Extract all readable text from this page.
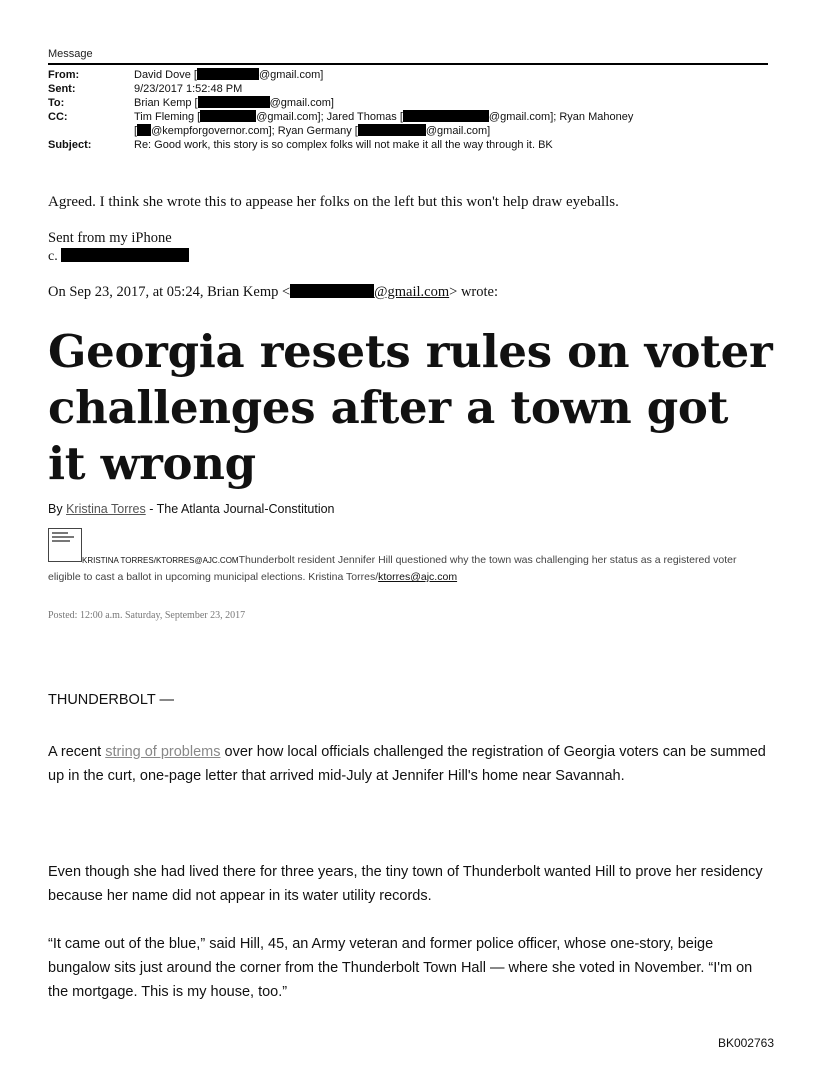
Message
From:	David Dove [	@gmail.com]
Sent:	9/23/2017 1:52:48 PM
To:	Brian Kemp [	@gmail.com]
CC:	Tim Fleming [	@gmail.com]; Jared Thomas [	@gmail.com]; Ryan Mahoney
[ @kempforgovernor.com]; Ryan Germany [	@gmail.com]
Subject:	Re: Good work, this story is so complex folks will not make it all the way through it. BK
Agreed. I think she wrote this to appease her folks on the left but this won't help draw eyeballs.
Sent from my iPhone
c.
On Sep 23, 2017, at 05:24, Brian Kemp <	@gmail.com> wrote:
Georgia resets rules on voter challenges after a town got it wrong
By Kristina Torres - The Atlanta Journal-Constitution
KRISTINA TORRES/KTORRES@AJC.COMThunderbolt resident Jennifer Hill questioned why the town was challenging her status as a registered voter eligible to cast a ballot in upcoming municipal elections. Kristina Torres/ktorres@ajc.com
Posted: 12:00 a.m. Saturday, September 23, 2017

THUNDERBOLT —

A recent string of problems over how local officials challenged the registration of Georgia voters can be summed up in the curt, one-page letter that arrived mid-July at Jennifer Hill's home near Savannah.

Even though she had lived there for three years, the tiny town of Thunderbolt wanted Hill to prove her residency because her name did not appear in its water utility records.

“It came out of the blue,” said Hill, 45, an Army veteran and former police officer, whose one-story, beige bungalow sits just around the corner from the Thunderbolt Town Hall — where she voted in November. “I'm on the mortgage. This is my house, too.”

BK002763
